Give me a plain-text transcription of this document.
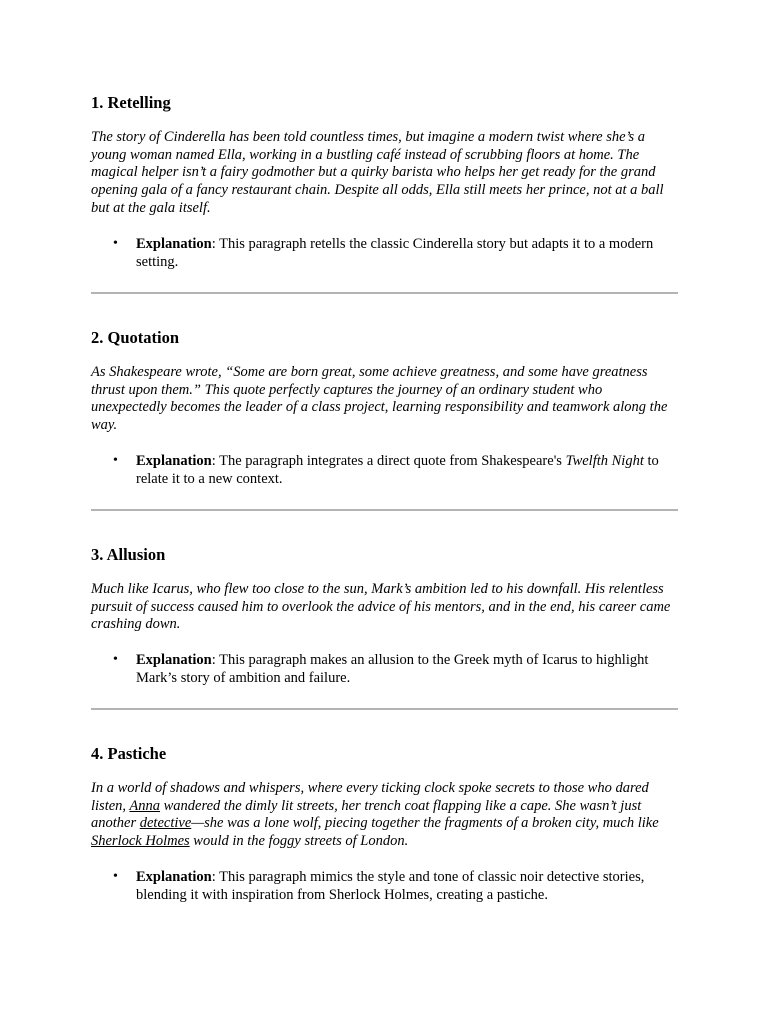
1. Retelling

The story of Cinderella has been told countless times, but imagine a modern twist where she’s a young woman named Ella, working in a bustling café instead of scrubbing floors at home. The magical helper isn’t a fairy godmother but a quirky barista who helps her get ready for the grand opening gala of a fancy restaurant chain. Despite all odds, Ella still meets her prince, not at a ball but at the gala itself.

• Explanation: This paragraph retells the classic Cinderella story but adapts it to a modern setting.
2. Quotation

As Shakespeare wrote, “Some are born great, some achieve greatness, and some have greatness thrust upon them.” This quote perfectly captures the journey of an ordinary student who unexpectedly becomes the leader of a class project, learning responsibility and teamwork along the way.

• Explanation: The paragraph integrates a direct quote from Shakespeare's Twelfth Night to relate it to a new context.
3. Allusion

Much like Icarus, who flew too close to the sun, Mark’s ambition led to his downfall. His relentless pursuit of success caused him to overlook the advice of his mentors, and in the end, his career came crashing down.

• Explanation: This paragraph makes an allusion to the Greek myth of Icarus to highlight Mark’s story of ambition and failure.
4. Pastiche

In a world of shadows and whispers, where every ticking clock spoke secrets to those who dared listen, Anna wandered the dimly lit streets, her trench coat flapping like a cape. She wasn’t just another detective—she was a lone wolf, piecing together the fragments of a broken city, much like Sherlock Holmes would in the foggy streets of London.

• Explanation: This paragraph mimics the style and tone of classic noir detective stories, blending it with inspiration from Sherlock Holmes, creating a pastiche.
